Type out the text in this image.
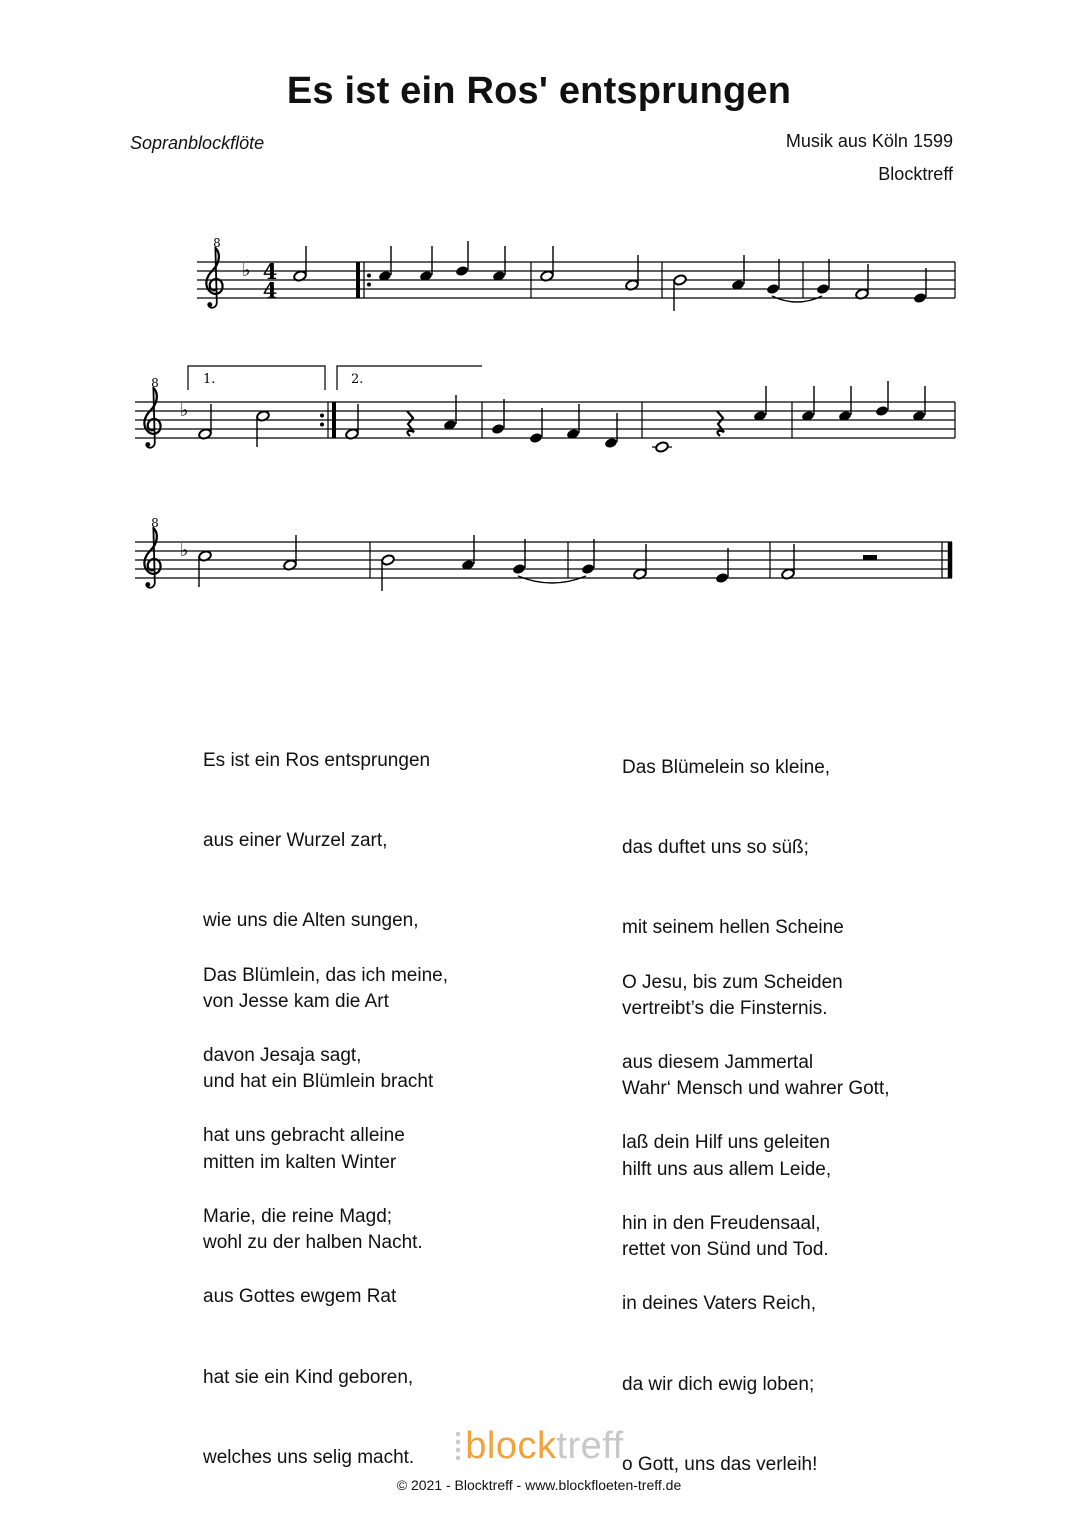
Es ist ein Ros' entsprungen
Sopranblockflöte	Musik aus Köln 1599
Blocktreff
8
♭ 4
4
8
♭
1.	2.
8
♭

Es ist ein Ros entsprungen

aus einer Wurzel zart,

wie uns die Alten sungen,

von Jesse kam die Art

und hat ein Blümlein bracht

mitten im kalten Winter

wohl zu der halben Nacht.

Das Blümlein, das ich meine,

davon Jesaja sagt,

hat uns gebracht alleine

Marie, die reine Magd;

aus Gottes ewgem Rat

hat sie ein Kind geboren,

welches uns selig macht.

Das Blümelein so kleine,

das duftet uns so süß;

mit seinem hellen Scheine

vertreibt’s die Finsternis.

Wahr‘ Mensch und wahrer Gott,

hilft uns aus allem Leide,

rettet von Sünd und Tod.

O Jesu, bis zum Scheiden

aus diesem Jammertal

laß dein Hilf uns geleiten

hin in den Freudensaal,

in deines Vaters Reich,

da wir dich ewig loben;

o Gott, uns das verleih!

blocktreff
© 2021 - Blocktreff - www.blockfloeten-treff.de
